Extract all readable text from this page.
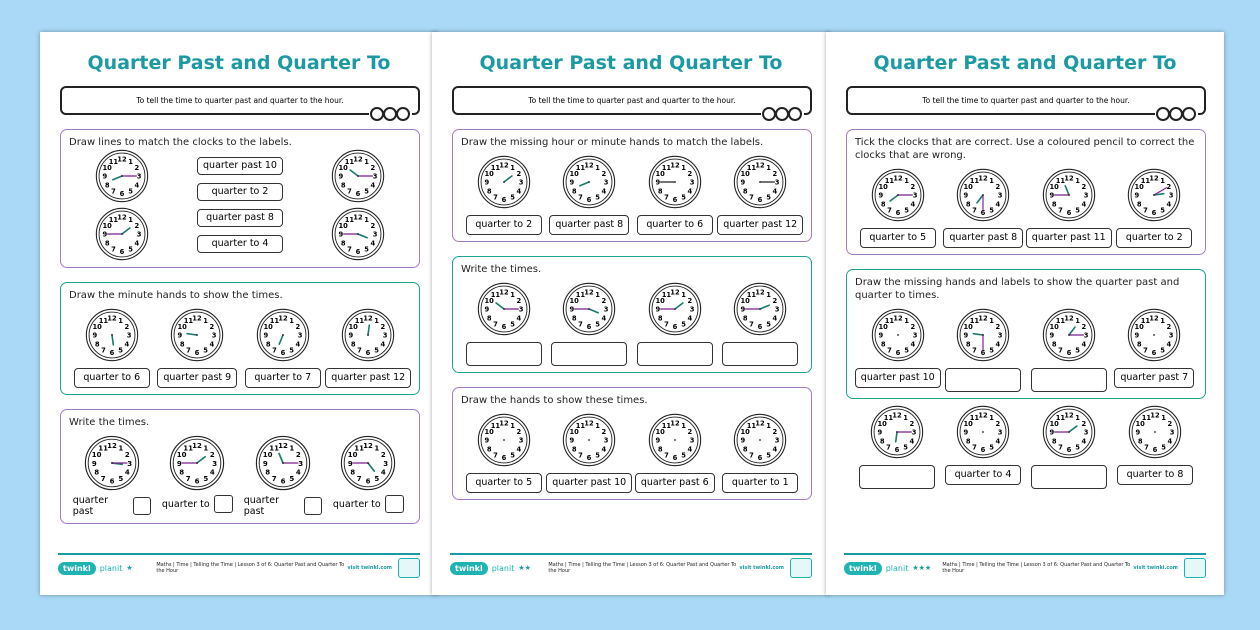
Quarter Past and Quarter To
To tell the time to quarter past and quarter to the hour.
Draw lines to match the clocks to the labels.
12 1
2
3
4
5
6
7
8
9
10
11
12 1
2
3
4
5
6
7
8
9
10
11
quarter past 10
quarter to 2
quarter past 8
quarter to 4
12 1
2
3
4
5
6
7
8
9
10
11
12 1
2
3
4
5
6
7
8
9
10
11
Draw the minute hands to show the times.
12 1
2
3
4
5
6
7
8
9
10
11
quarter to 6
12 1
2
3
4
5
6
7
8
9
10
11
quarter past 9
12 1
2
3
4
5
6
7
8
9
10
11
quarter to 7
12 1
2
3
4
5
6
7
8
9
10
11
quarter past 12
Write the times.
12 1
2
3
4
5
6
7
8
9
10
11
quarter past
12 1
2
3
4
5
6
7
8
9
10
11
quarter to
12 1
2
3
4
5
6
7
8
9
10
11
quarter past
12 1
2
3
4
5
6
7
8
9
10
11
quarter to
twinkl	planit ★	Maths | Time | Telling the Time | Lesson 3 of 6: Quarter Past and Quarter To the Hour	visit twinkl.com
Quarter Past and Quarter To
To tell the time to quarter past and quarter to the hour.
Draw the missing hour or minute hands to match the labels.
12 1
2
3
4
5
6
7
8
9
10
11
quarter to 2
12 1
2
3
4
5
6
7
8
9
10
11
quarter past 8
12 1
2
3
4
5
6
7
8
9
10
11
quarter to 6
12 1
2
3
4
5
6
7
8
9
10
11
quarter past 12
Write the times.
12 1
2
3
4
5
6
7
8
9
10
11	12 1
2
3
4
5
6
7
8
9
10
11	12 1
2
3
4
5
6
7
8
9
10
11	12 1
2
3
4
5
6
7
8
9
10
11
Draw the hands to show these times.
12 1
2
3
4
5
6
7
8
9
10
11
quarter to 5
12 1
2
3
4
5
6
7
8
9
10
11
quarter past 10
12 1
2
3
4
5
6
7
8
9
10
11
quarter past 6
12 1
2
3
4
5
6
7
8
9
10
11
quarter to 1
twinkl	planit ★★	Maths | Time | Telling the Time | Lesson 3 of 6: Quarter Past and Quarter To the Hour	visit twinkl.com
Quarter Past and Quarter To
To tell the time to quarter past and quarter to the hour.
Tick the clocks that are correct. Use a coloured pencil to correct the clocks that are wrong.
12 1
2
3
4
5
6
7
8
9
10
11
quarter to 5
12 1
2
3
4
5
6
7
8
9
10
11
quarter past 8
12 1
2
3
4
5
6
7
8
9
10
11
quarter past 11
12 1
2
3
4
5
6
7
8
9
10
11
quarter to 2
Draw the missing hands and labels to show the quarter past and quarter to times.
12 1
2
3
4
5
6
7
8
9
10
11
quarter past 10
12 1
2
3
4
5
6
7
8
9
10
11	12 1
2
3
4
5
6
7
8
9
10
11	12 1
2
3
4
5
6
7
8
9
10
11
quarter past 7
12 1
2
3
4
5
6
7
8
9
10
11	12 1
2
3
4
5
6
7
8
9
10
11
quarter to 4
12 1
2
3
4
5
6
7
8
9
10
11	12 1
2
3
4
5
6
7
8
9
10
11
quarter to 8
twinkl	planit ★★★	Maths | Time | Telling the Time | Lesson 3 of 6: Quarter Past and Quarter To the Hour	visit twinkl.com
